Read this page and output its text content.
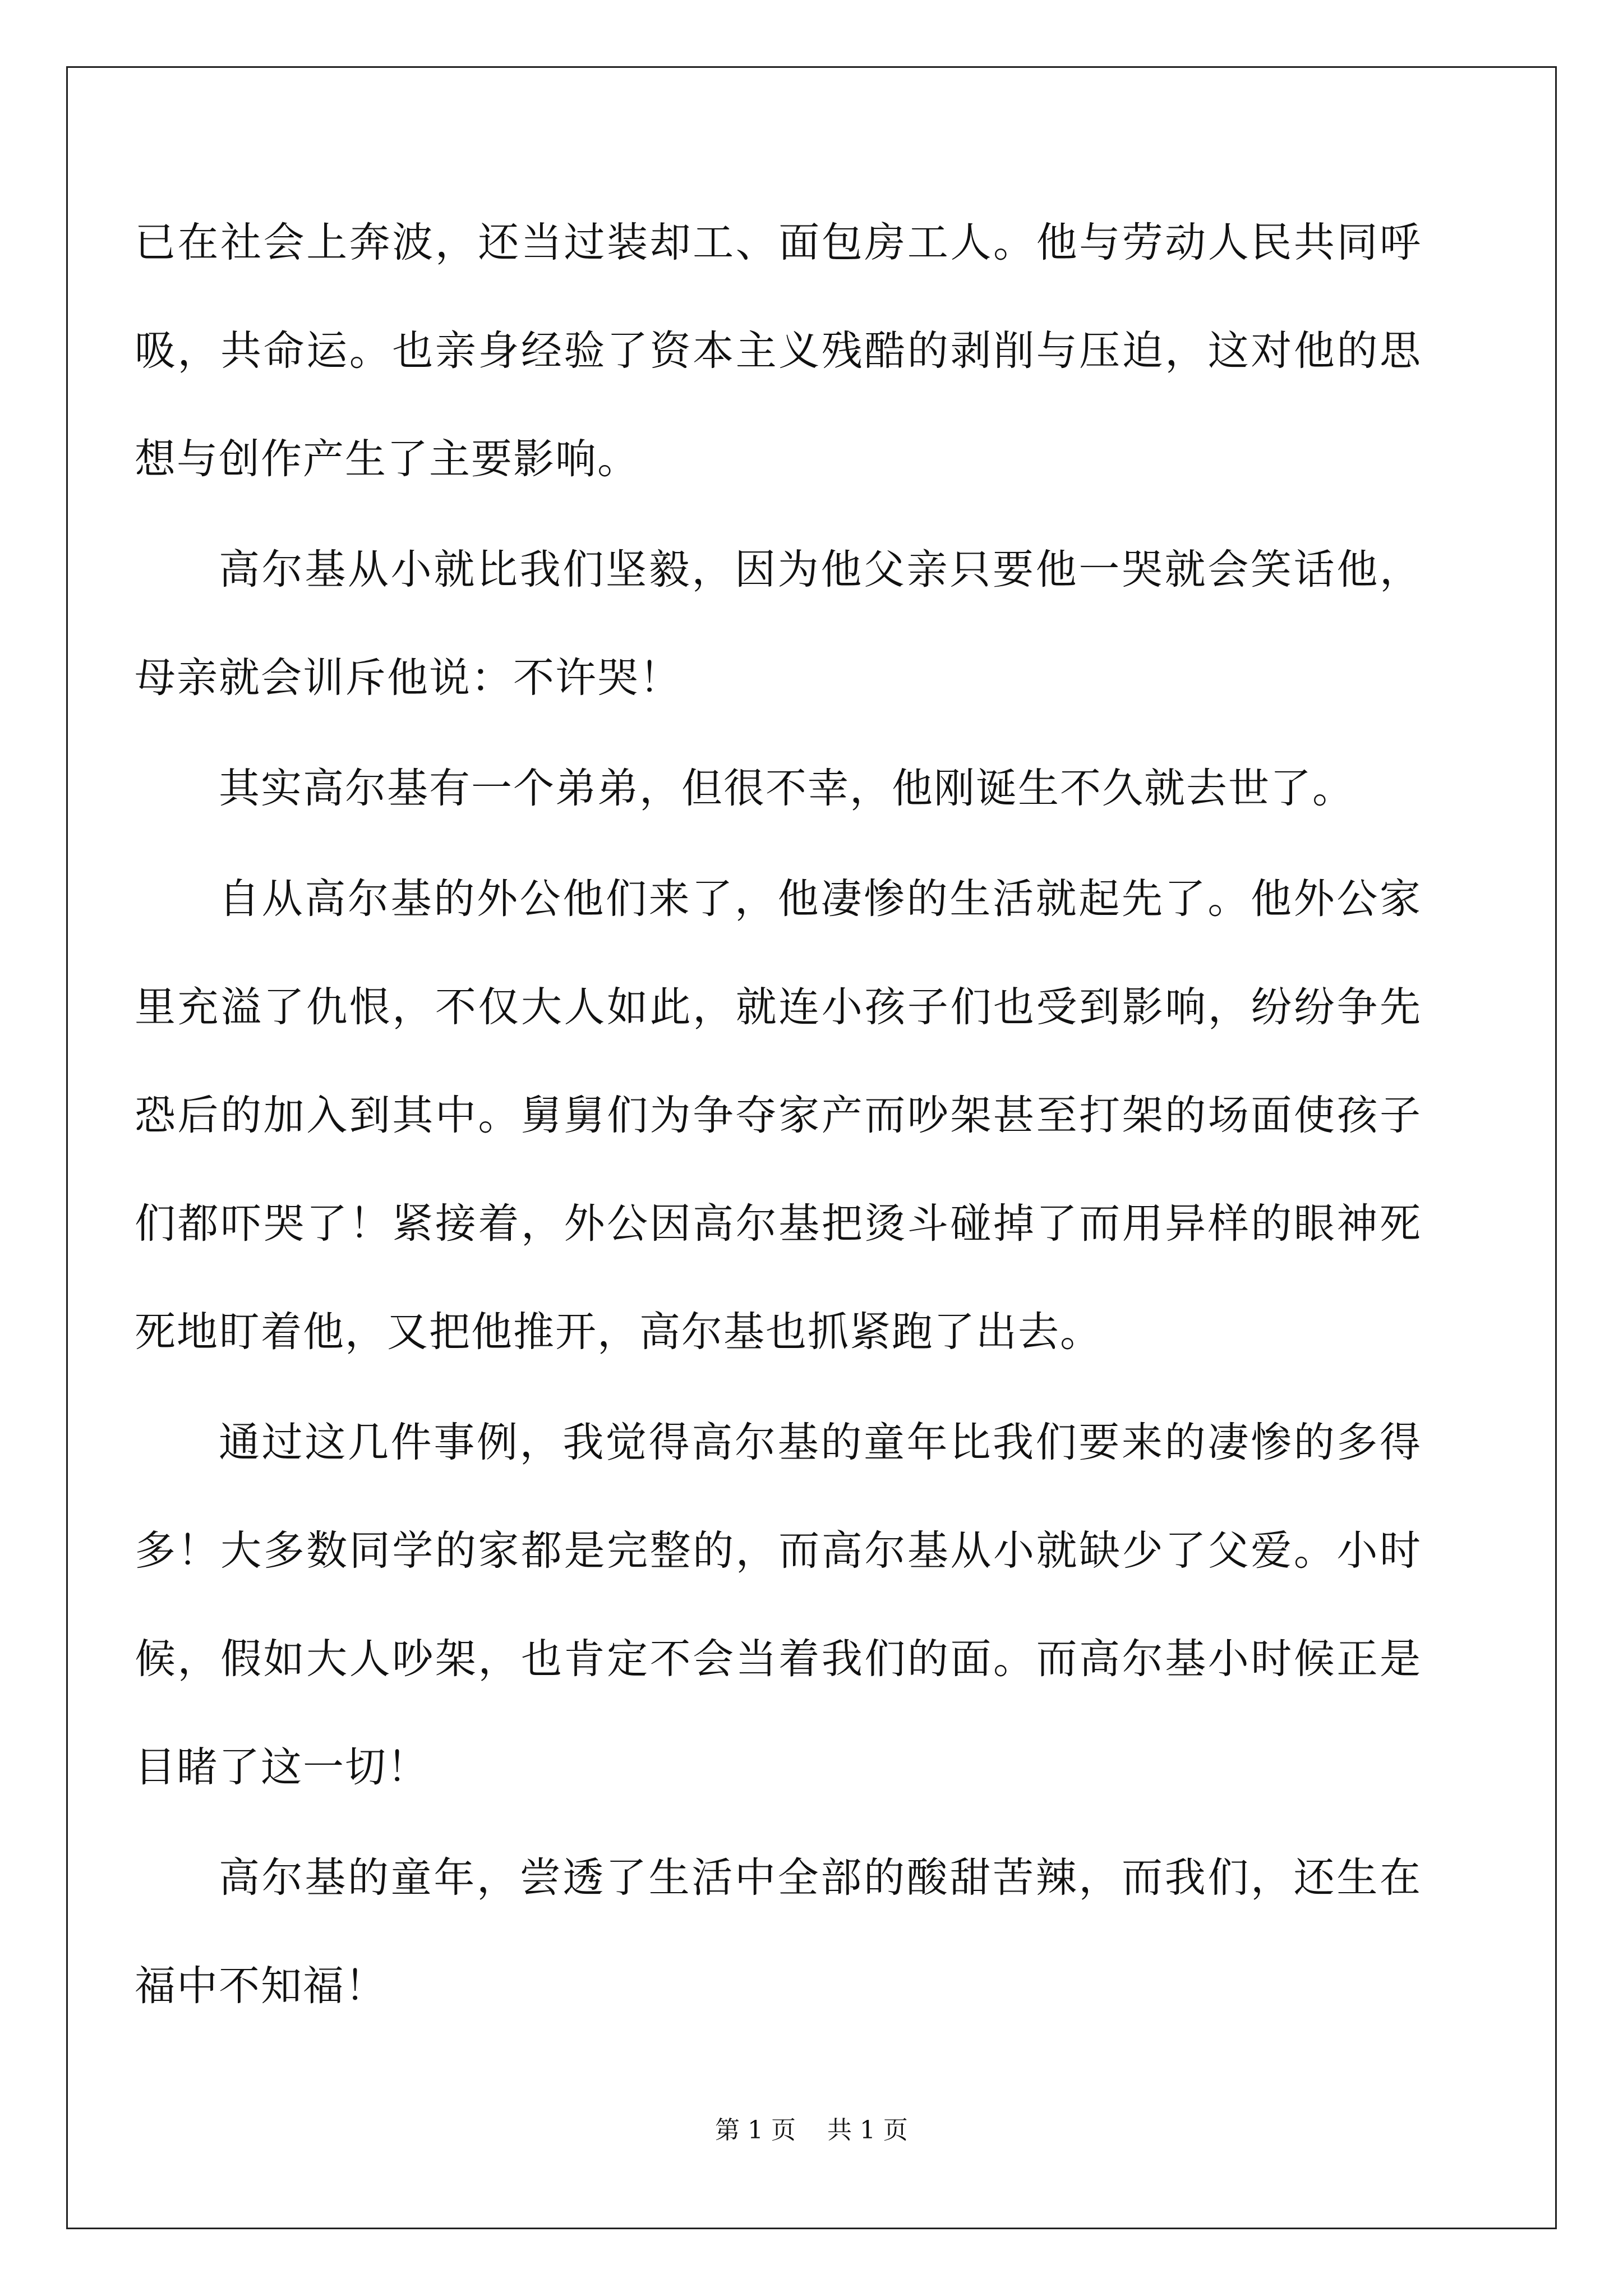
已在社会上奔波，还当过装却工、面包房工人。他与劳动人民共同呼吸，共命运。也亲身经验了资本主义残酷的剥削与压迫，这对他的思想与创作产生了主要影响。

高尔基从小就比我们坚毅，因为他父亲只要他一哭就会笑话他，母亲就会训斥他说：不许哭！

其实高尔基有一个弟弟，但很不幸，他刚诞生不久就去世了。

自从高尔基的外公他们来了，他凄惨的生活就起先了。他外公家里充溢了仇恨，不仅大人如此，就连小孩子们也受到影响，纷纷争先恐后的加入到其中。舅舅们为争夺家产而吵架甚至打架的场面使孩子们都吓哭了！紧接着，外公因高尔基把烫斗碰掉了而用异样的眼神死死地盯着他，又把他推开，高尔基也抓紧跑了出去。

通过这几件事例，我觉得高尔基的童年比我们要来的凄惨的多得多！大多数同学的家都是完整的，而高尔基从小就缺少了父爱。小时候，假如大人吵架，也肯定不会当着我们的面。而高尔基小时候正是目睹了这一切！

高尔基的童年，尝透了生活中全部的酸甜苦辣，而我们，还生在福中不知福！

第 1 页    共 1 页
